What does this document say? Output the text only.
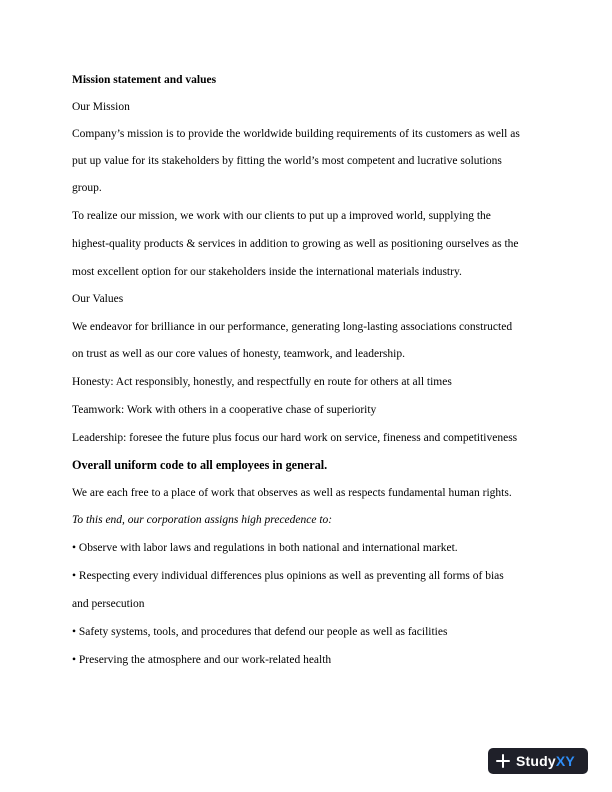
Mission statement and values
Our Mission
Company’s mission is to provide the worldwide building requirements of its customers as well as
put up value for its stakeholders by fitting the world’s most competent and lucrative solutions
group.
To realize our mission, we work with our clients to put up a improved world, supplying the
highest-quality products & services in addition to growing as well as positioning ourselves as the
most excellent option for our stakeholders inside the international materials industry.
Our Values
We endeavor for brilliance in our performance, generating long-lasting associations constructed
on trust as well as our core values of honesty, teamwork, and leadership.
Honesty: Act responsibly, honestly, and respectfully en route for others at all times
Teamwork: Work with others in a cooperative chase of superiority
Leadership: foresee the future plus focus our hard work on service, fineness and competitiveness
Overall uniform code to all employees in general.
We are each free to a place of work that observes as well as respects fundamental human rights.
To this end, our corporation assigns high precedence to:
• Observe with labor laws and regulations in both national and international market.
• Respecting every individual differences plus opinions as well as preventing all forms of bias
and persecution
• Safety systems, tools, and procedures that defend our people as well as facilities
• Preserving the atmosphere and our work-related health
StudyXY
